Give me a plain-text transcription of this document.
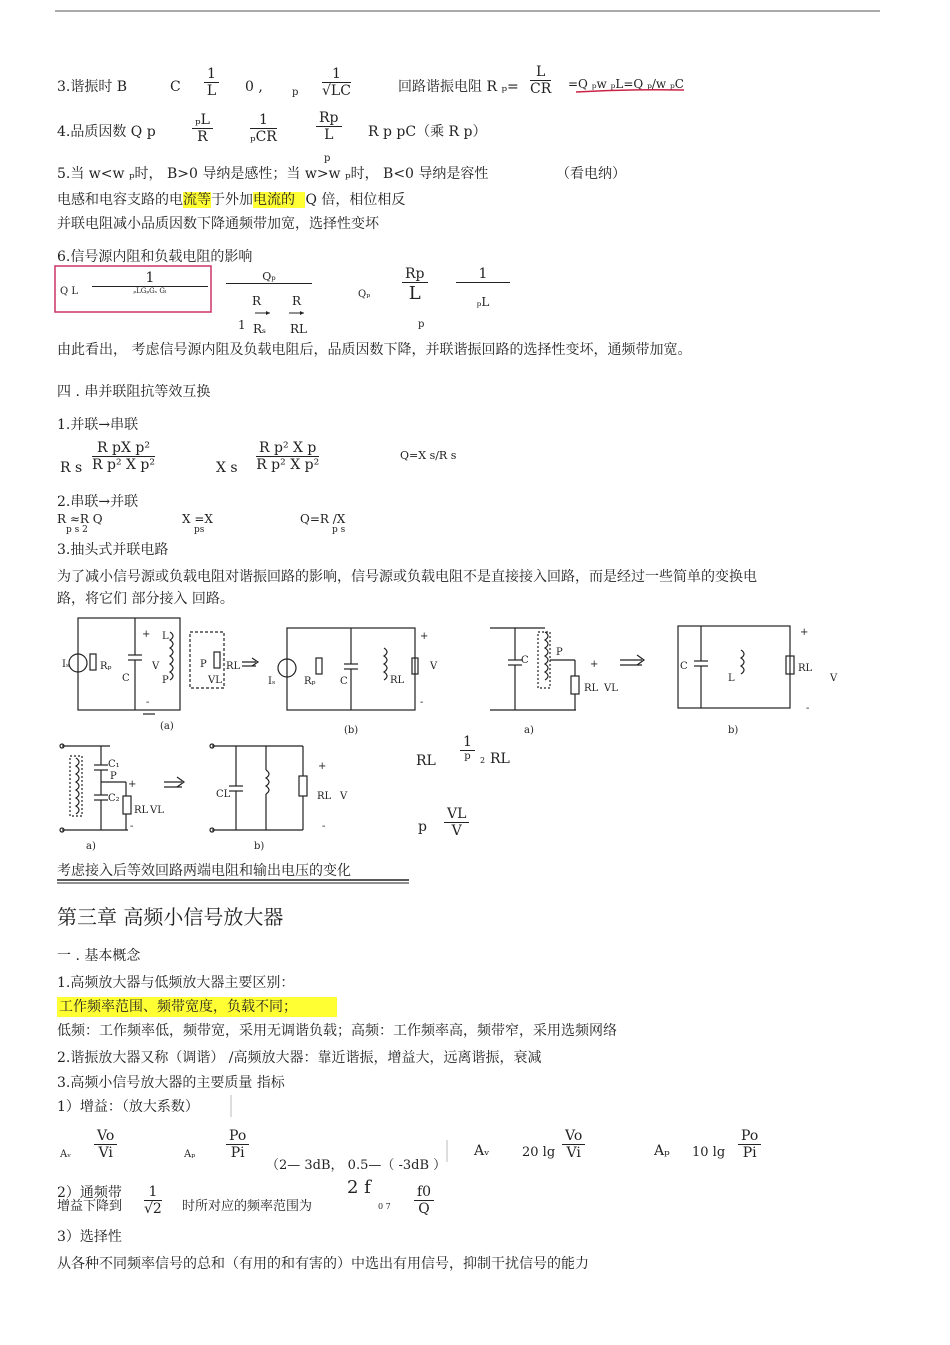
3.谐振时 B	C $\frac{1}{L} 0$ ,	p $\frac{1}{√LC}$	回路谐振电阻 R $_p= \frac{L}{CR} =Q$ ₚw ₚL=Q ₚ/w ₚC
4.品质因数 Q p	$\frac{\text{ₚL}}{R}$	1
ₚCR	$\frac{Rp}{L}$
p
R p pC（乘 R p）
5.当 w<w ₚ时， B>0 导纳是感性；当 w>w ₚ时， B<0 导纳是容性	（看电纳）
电感和电容支路的电流等于外加电流的 Q 倍，相位相反
并联电阻减小品质因数下降通频带加宽，选择性变坏
6.信号源内阻和负载电阻的影响
Q L
1
ₚLGₚGₛ Gₗ
Qₚ
R	R
1 Rₛ RL
Qₚ
Rp
L
p
$\frac{1}{\text{ₚL}}$
由此看出， 考虑信号源内阻及负载电阻后，品质因数下降，并联谐振回路的选择性变坏，通频带加宽。
四 . 串并联阻抗等效互换
1.并联→串联
R s $\frac{\text{R pX p²}}{\text{R p² X p²}}$	X s $\frac{\text{R p² X p}}{\text{R p² X p²}}$	Q=X s/R s
2.串联→并联
R ≈R Q
p s 2
X =X
ps
Q=R /X
p s
3.抽头式并联电路
为了减小信号源或负载电阻对谐振回路的影响，信号源或负载电阻不是直接接入回路，而是经过一些简单的变换电
路，将它们 部分接入 回路。
Iₛ	Rₚ
C
L
+
V
P
-
P
VL
RL
(a)
Iₛ	Rₚ C	RL
+
V
-
(b)
C
P
+
RL VL
a)
C
L
RL
+
V
-
b)
C₁
P
C₂
RL VL
+
-
a)
CL	RL V
+
-
b)
RL
1
p	2 RL
p $\frac{VL}{V}$
考虑接入后等效回路两端电阻和输出电压的变化
第三章 高频小信号放大器
一 . 基本概念
1.高频放大器与低频放大器主要区别：
工作频率范围、频带宽度，负载不同；
低频：工作频率低，频带宽，采用无调谐负载；高频：工作频率高，频带窄，采用选频网络
2.谐振放大器又称（调谐） /高频放大器：靠近谐振，增益大，远离谐振，衰减
3.高频小信号放大器的主要质量 指标
1）增益：（放大系数）
Aᵥ $\frac{Vo}{Vi}$	Aₚ $\frac{Po}{Pi}$
（2— 3dB， 0.5—（ -3dB ）
Aᵥ	20 $\lg \frac{Vo}{Vi}$	Aₚ 10 $\lg \frac{Po}{Pi}$
2）通频带
增益下降到 $\frac{1}{√2}$ 时所对应的频率范围为
2 f
0 $7 \frac{f0}{Q}$
3）选择性
从各种不同频率信号的总和（有用的和有害的）中选出有用信号，抑制干扰信号的能力
